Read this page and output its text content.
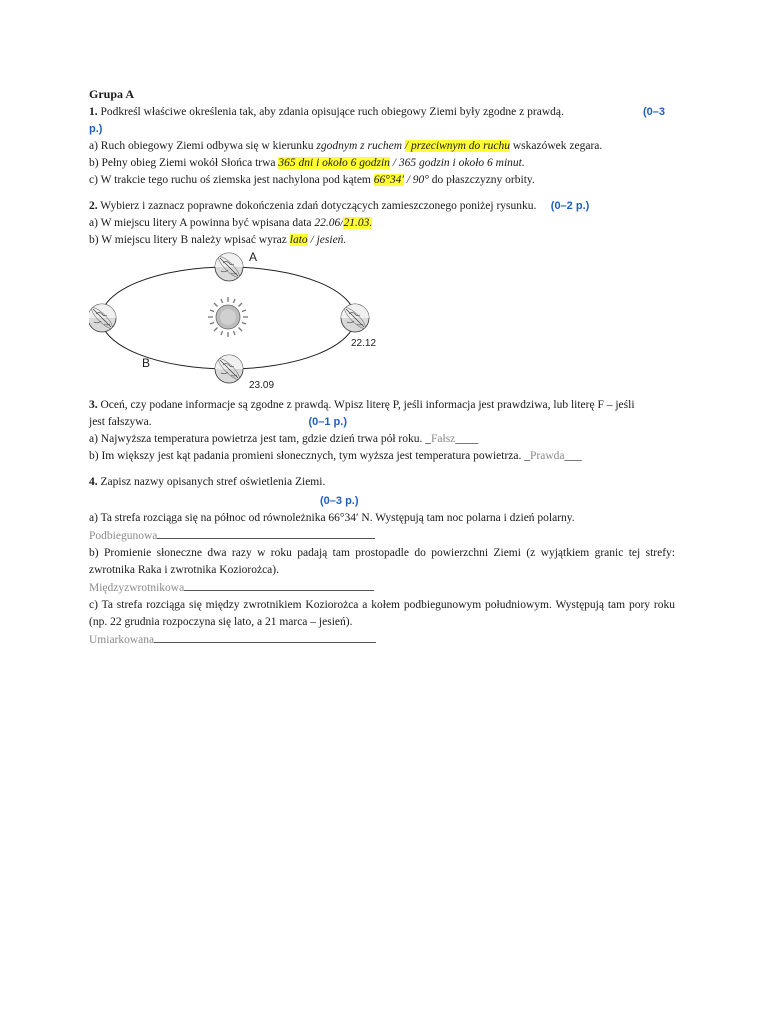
Grupa A
1. Podkreśl właściwe określenia tak, aby zdania opisujące ruch obiegowy Ziemi były zgodne z prawdą.	(0–3
p.)
a) Ruch obiegowy Ziemi odbywa się w kierunku zgodnym z ruchem / przeciwnym do ruchu wskazówek zegara.
b) Pełny obieg Ziemi wokół Słońca trwa 365 dni i około 6 godzin / 365 godzin i około 6 minut.
c) W trakcie tego ruchu oś ziemska jest nachylona pod kątem 66°34' / 90° do płaszczyzny orbity.
2. Wybierz i zaznacz poprawne dokończenia zdań dotyczących zamieszczonego poniżej rysunku. (0–2 p.)
a) W miejscu litery A powinna być wpisana data 22.06/21.03.
b) W miejscu litery B należy wpisać wyraz lato / jesień.
A
B
22.12
23.09
3. Oceń, czy podane informacje są zgodne z prawdą. Wpisz literę P, jeśli informacja jest prawdziwa, lub literę F – jeśli
jest fałszywa.	(0–1 p.)
a) Najwyższa temperatura powietrza jest tam, gdzie dzień trwa pół roku. _Fałsz____
b) Im większy jest kąt padania promieni słonecznych, tym wyższa jest temperatura powietrza. _Prawda___
4. Zapisz nazwy opisanych stref oświetlenia Ziemi.
(0–3 p.)
a) Ta strefa rozciąga się na północ od równoleżnika 66°34′ N. Występują tam noc polarna i dzień polarny.
Podbiegunowa
b) Promienie słoneczne dwa razy w roku padają tam prostopadle do powierzchni Ziemi (z wyjątkiem granic tej strefy: zwrotnika Raka i zwrotnika Koziorożca).
Międzyzwrotnikowa
c) Ta strefa rozciąga się między zwrotnikiem Koziorożca a kołem podbiegunowym południowym. Występują tam pory roku (np. 22 grudnia rozpoczyna się lato, a 21 marca – jesień).
Umiarkowana
